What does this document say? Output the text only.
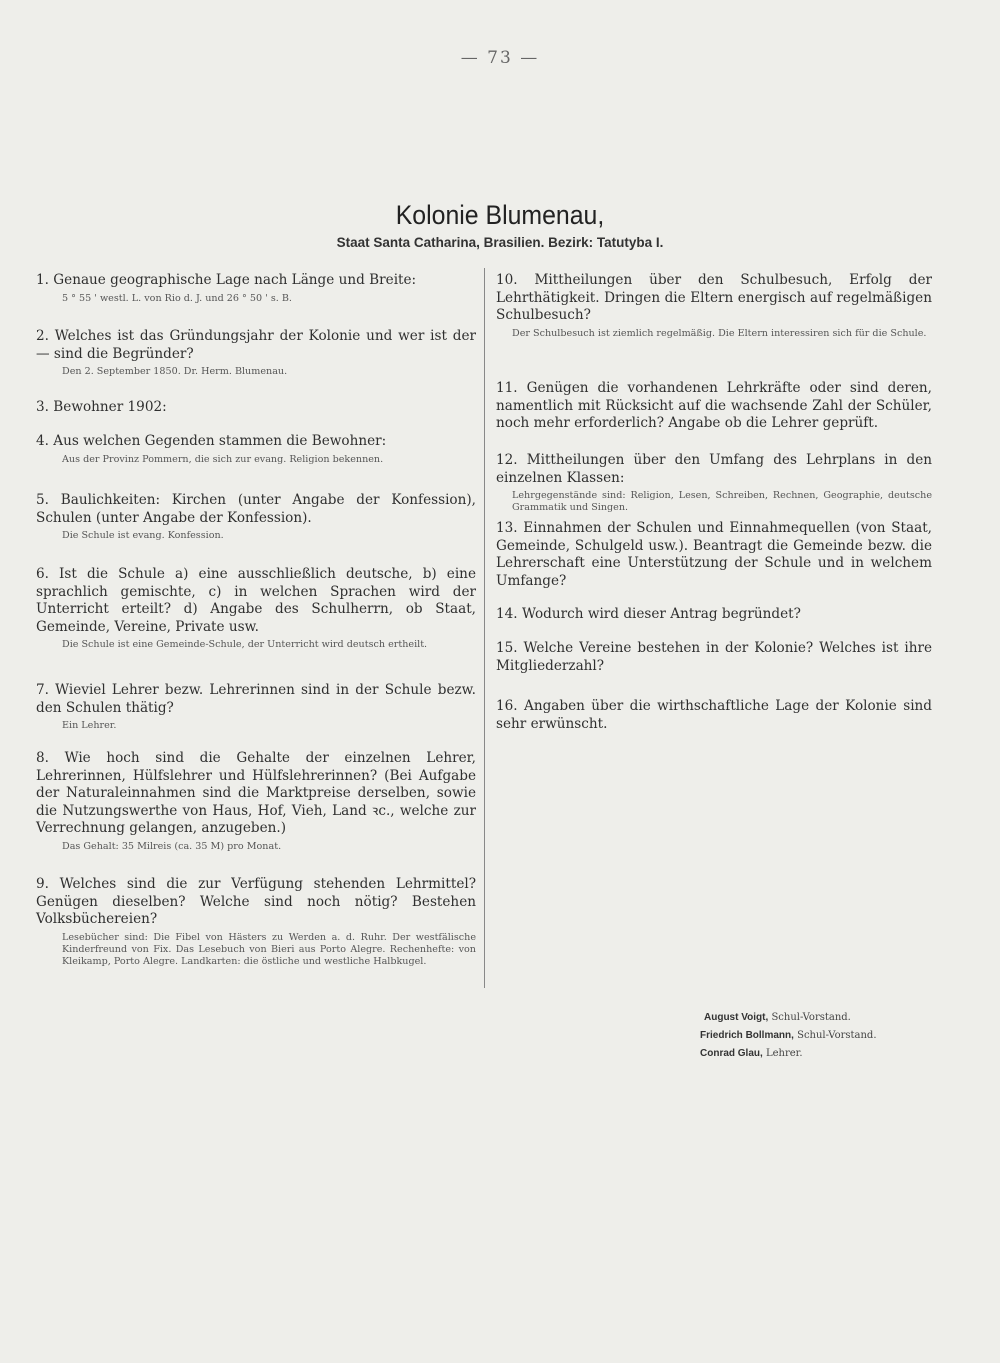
— 73 —
Kolonie Blumenau,
Staat Santa Catharina, Brasilien. Bezirk: Tatutyba I.

1. Genaue geographische Lage nach Länge und Breite:

5 ° 55 ' westl. L. von Rio d. J. und 26 ° 50 ' s. B.

2. Welches ist das Gründungsjahr der Kolonie und wer ist der — sind die Begründer?

Den 2. September 1850. Dr. Herm. Blumenau.

3. Bewohner 1902:

4. Aus welchen Gegenden stammen die Bewohner:

Aus der Provinz Pommern, die sich zur evang. Religion bekennen.

5. Baulichkeiten: Kirchen (unter Angabe der Konfession), Schulen (unter Angabe der Konfession).

Die Schule ist evang. Konfession.

6. Ist die Schule a) eine ausschließlich deutsche, b) eine sprachlich gemischte, c) in welchen Sprachen wird der Unterricht erteilt? d) Angabe des Schulherrn, ob Staat, Gemeinde, Vereine, Private usw.

Die Schule ist eine Gemeinde-Schule, der Unterricht wird deutsch ertheilt.

7. Wieviel Lehrer bezw. Lehrerinnen sind in der Schule bezw. den Schulen thätig?

Ein Lehrer.

8. Wie hoch sind die Gehalte der einzelnen Lehrer, Lehrerinnen, Hülfslehrer und Hülfslehrerinnen? (Bei Aufgabe der Naturaleinnahmen sind die Marktpreise derselben, sowie die Nutzungswerthe von Haus, Hof, Vieh, Land ꝛc., welche zur Verrechnung gelangen, anzugeben.)

Das Gehalt: 35 Milreis (ca. 35 M) pro Monat.

9. Welches sind die zur Verfügung stehenden Lehrmittel? Genügen dieselben? Welche sind noch nötig? Bestehen Volksbüchereien?

Lesebücher sind: Die Fibel von Hästers zu Werden a. d. Ruhr. Der westfälische Kinderfreund von Fix. Das Lesebuch von Bieri aus Porto Alegre. Rechenhefte: von Kleikamp, Porto Alegre. Landkarten: die östliche und westliche Halbkugel.

10. Mittheilungen über den Schulbesuch, Erfolg der Lehrthätigkeit. Dringen die Eltern energisch auf regelmäßigen Schulbesuch?

Der Schulbesuch ist ziemlich regelmäßig. Die Eltern interessiren sich für die Schule.

11. Genügen die vorhandenen Lehrkräfte oder sind deren, namentlich mit Rücksicht auf die wachsende Zahl der Schüler, noch mehr erforderlich? Angabe ob die Lehrer geprüft.

12. Mittheilungen über den Umfang des Lehrplans in den einzelnen Klassen:

Lehrgegenstände sind: Religion, Lesen, Schreiben, Rechnen, Geographie, deutsche Grammatik und Singen.

13. Einnahmen der Schulen und Einnahmequellen (von Staat, Gemeinde, Schulgeld usw.). Beantragt die Gemeinde bezw. die Lehrerschaft eine Unterstützung der Schule und in welchem Umfange?

14. Wodurch wird dieser Antrag begründet?

15. Welche Vereine bestehen in der Kolonie? Welches ist ihre Mitgliederzahl?

16. Angaben über die wirthschaftliche Lage der Kolonie sind sehr erwünscht.

August Voigt, Schul-Vorstand.
Friedrich Bollmann, Schul-Vorstand.
Conrad Glau, Lehrer.
